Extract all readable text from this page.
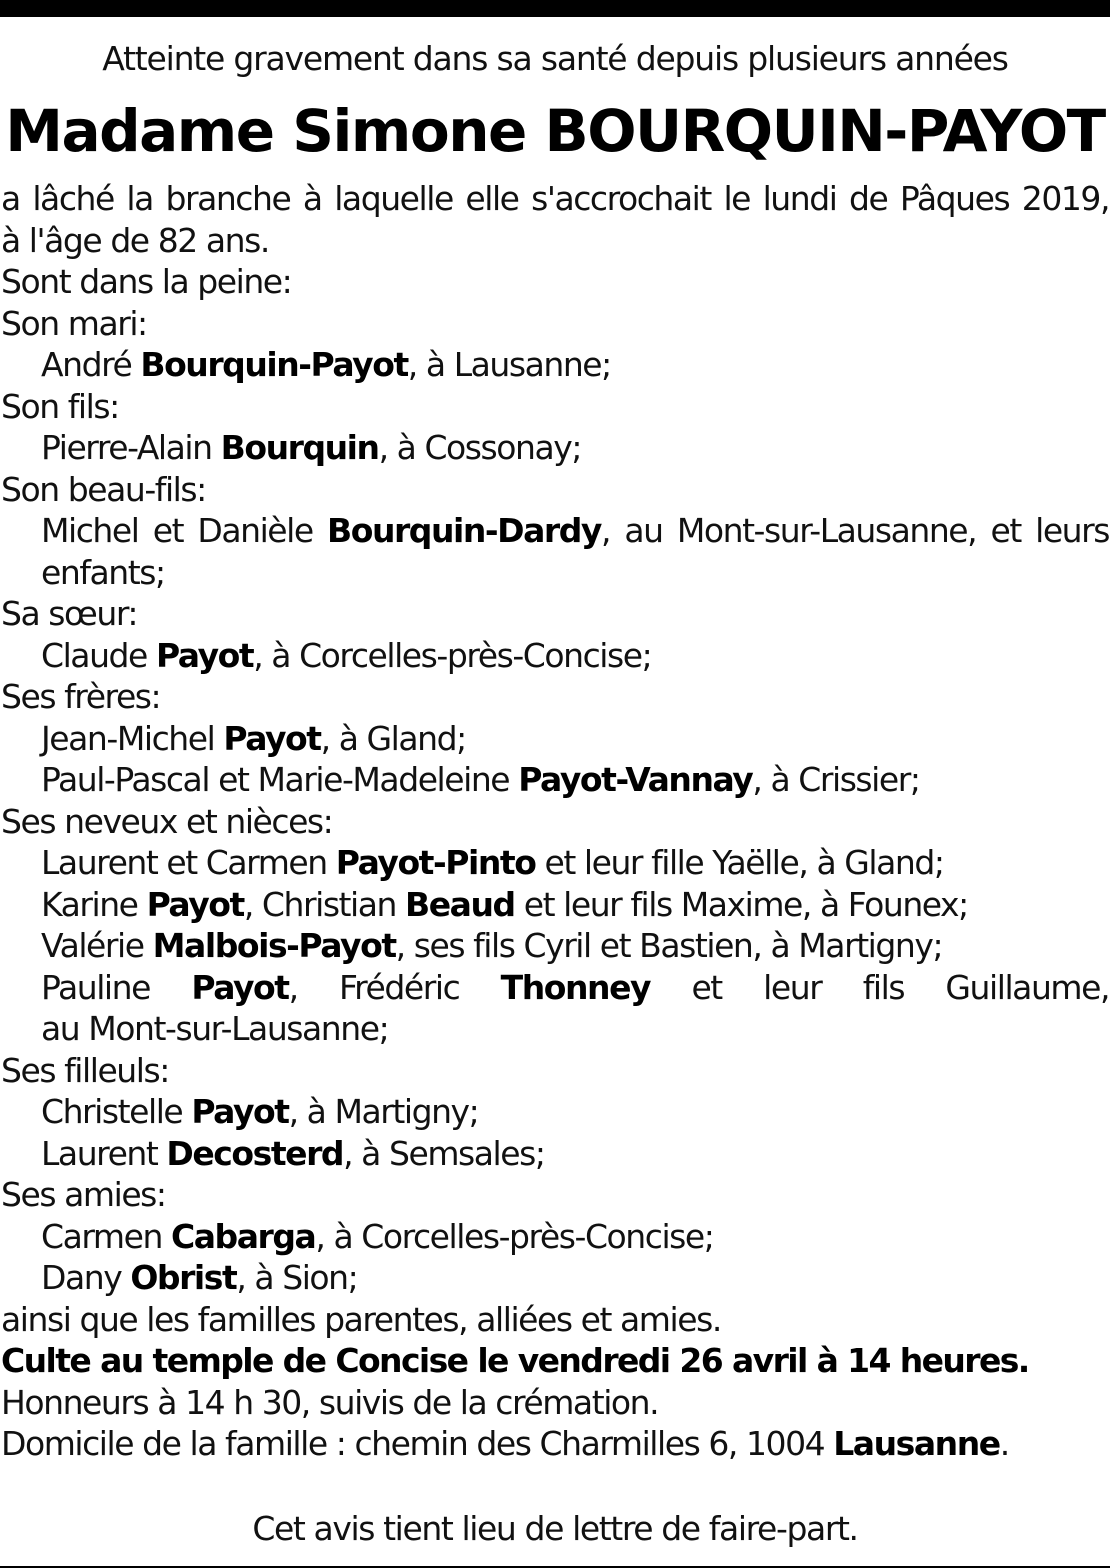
Atteinte gravement dans sa santé depuis plusieurs années
Madame Simone BOURQUIN-PAYOT
a lâché la branche à laquelle elle s'accrochait le lundi de Pâques 2019,
à l'âge de 82 ans.
Sont dans la peine:
Son mari:
André Bourquin-Payot, à Lausanne;
Son fils:
Pierre-Alain Bourquin, à Cossonay;
Son beau-fils:
Michel et Danièle Bourquin-Dardy, au Mont-sur-Lausanne, et leurs
enfants;
Sa sœur:
Claude Payot, à Corcelles-près-Concise;
Ses frères:
Jean-Michel Payot, à Gland;
Paul-Pascal et Marie-Madeleine Payot-Vannay, à Crissier;
Ses neveux et nièces:
Laurent et Carmen Payot-Pinto et leur fille Yaëlle, à Gland;
Karine Payot, Christian Beaud et leur fils Maxime, à Founex;
Valérie Malbois-Payot, ses fils Cyril et Bastien, à Martigny;
Pauline Payot, Frédéric Thonney et leur fils Guillaume,
au Mont-sur-Lausanne;
Ses filleuls:
Christelle Payot, à Martigny;
Laurent Decosterd, à Semsales;
Ses amies:
Carmen Cabarga, à Corcelles-près-Concise;
Dany Obrist, à Sion;
ainsi que les familles parentes, alliées et amies.
Culte au temple de Concise le vendredi 26 avril à 14 heures.
Honneurs à 14 h 30, suivis de la crémation.
Domicile de la famille : chemin des Charmilles 6, 1004 Lausanne.
Cet avis tient lieu de lettre de faire-part.
